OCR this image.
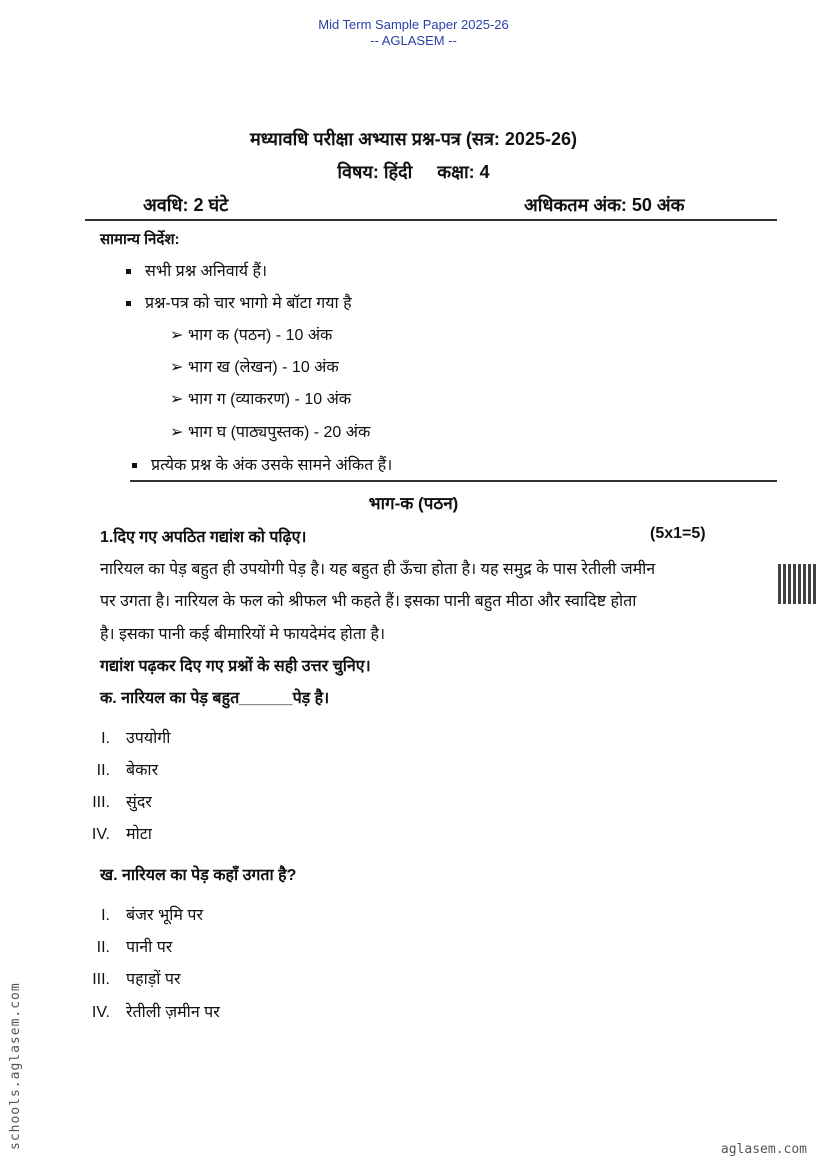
Mid Term Sample Paper 2025-26
-- AGLASEM --
मध्यावधि परीक्षा अभ्यास प्रश्न-पत्र (सत्र: 2025-26)
विषय: हिंदी     कक्षा: 4
अवधि: 2 घंटे	अधिकतम अंक: 50 अंक
सामान्य निर्देश:
सभी प्रश्न अनिवार्य हैं।
प्रश्न-पत्र को चार भागो मे बॉटा गया है
➢ भाग क (पठन) - 10 अंक
➢ भाग ख (लेखन) - 10 अंक
➢ भाग ग (व्याकरण) - 10 अंक
➢ भाग घ (पाठ्यपुस्तक) - 20 अंक
प्रत्येक प्रश्न के अंक उसके सामने अंकित हैं।
भाग-क (पठन)
1.दिए गए अपठित गद्यांश को पढ़िए।	(5x1=5)
नारियल का पेड़ बहुत ही उपयोगी पेड़ है। यह बहुत ही ऊँचा होता है। यह समुद्र के पास रेतीली जमीन
पर उगता है। नारियल के फल को श्रीफल भी कहते हैं। इसका पानी बहुत मीठा और स्वादिष्ट होता
है। इसका पानी कई बीमारियों मे फायदेमंद होता है।
गद्यांश पढ़कर दिए गए प्रश्नों के सही उत्तर चुनिए।
क. नारियल का पेड़ बहुत______पेड़ है।
I. उपयोगी
II. बेकार
III. सुंदर
IV. मोटा
ख. नारियल का पेड़ कहाँ उगता है?
I. बंजर भूमि पर
II. पानी पर
III. पहाड़ों पर
IV. रेतीली ज़मीन पर
schools.aglasem.com	aglasem.com
